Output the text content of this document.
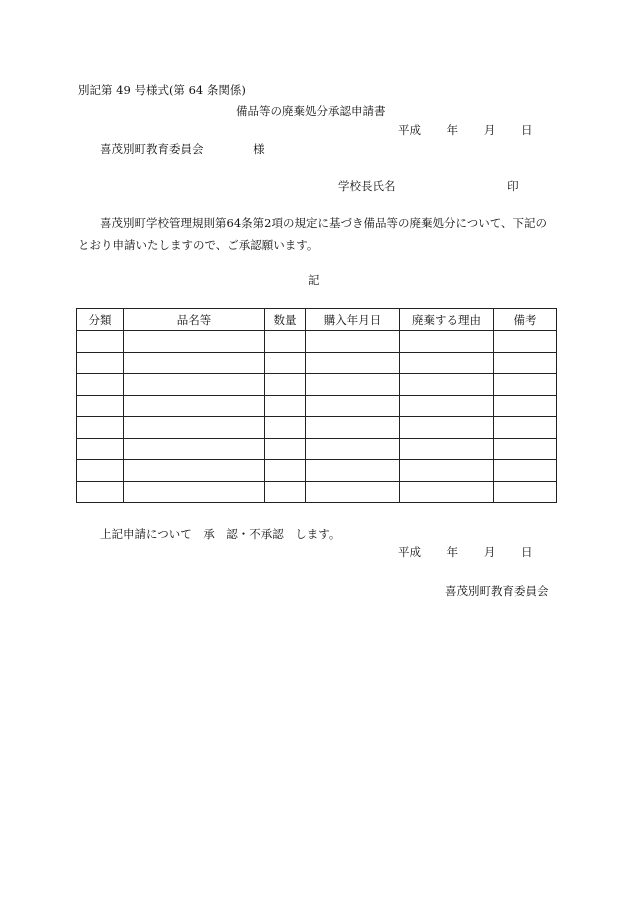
別記第 49 号様式(第 64 条関係)
備品等の廃棄処分承認申請書
平成 年 月 日
喜茂別町教育委員会	様
学校長氏名	印
喜茂別町学校管理規則第64条第2項の規定に基づき備品等の廃棄処分について、下記のとおり申請いたしますので、ご承認願います。
記
分類	品名等	数量	購入年月日	廃棄する理由	備考

上記申請について　承　認・不承認　します。
平成 年 月 日
喜茂別町教育委員会
